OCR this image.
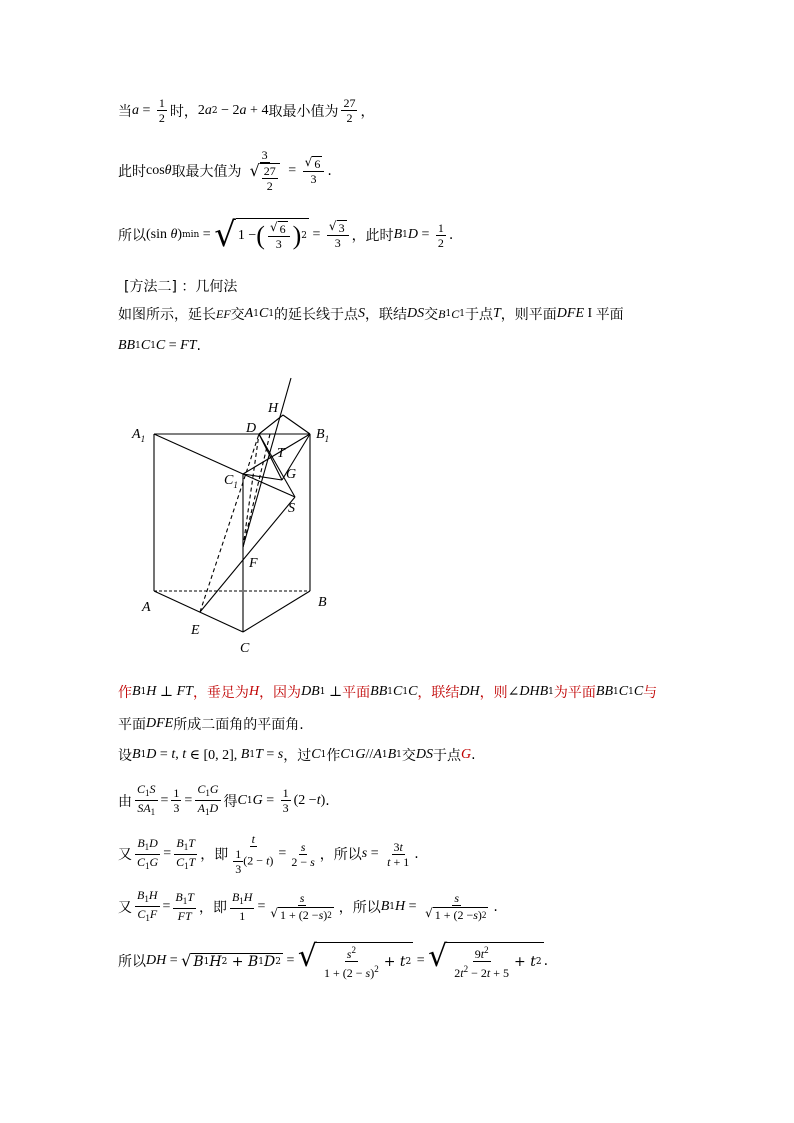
当 $a = \frac{1}{2}$ 时， 2 a 2 − 2 a + 4 取最小值为 $\frac{27}{2}$ ，
此时 cos θ 取最大值为 $\frac{3}{√ \frac{27}{2}} = \frac{√ 6}{3}$ .
所以 (sin θ ) min = √ 1 − ( $\frac{√ 6}{3}$ ) $2 = \frac{√ 3}{3}$ ，此时 B 1 $D = \frac{1}{2}$ .
[方法二] ：几何法
如图所示，延长 EF 交 A 1 C 1 的延长线于点 S ，联结 DS 交 B 1 C 1 于点 T ，则平面 DFE I 平面
BB 1 C 1 C = FT .
$A_1$	$B_1$
$C_1$
D
H
T
G
S
F
A	B
E
C
作 B 1 H ⊥ FT ，垂足为 H ，因为 DB 1 ⊥ 平面 BB 1 C 1 C ，联结 DH ，则 ∠ DHB 1 为平面 BB 1 C 1 C 与
平面 DFE 所成二面角的平面角.
设 B 1 D = t , t ∈ [0, 2], B 1 T = s ，过 C 1 作 C 1 G // A 1 B 1 交 DS 于点 G .
由 $\frac{C_1S}{SA_1} = \frac{1}{3} = \frac{C_1G}{A_1D}$ 得 C 1 $G = \frac{1}{3} (2 - t$ ) .
又 $\frac{B_1D}{C_1G} = \frac{B_1T}{C_1T}$ ，即 $\frac{t}{\frac{1}{3} (2 - t)} = \frac{s}{2 - s}$ ，所以 $s = \frac{3t}{t + 1}$ .
又 $\frac{B_1H}{C_1F} = \frac{B_1T}{FT}$ ，即 $\frac{B_1H}{1} = \frac{s}{√ 1 + (2 - s ) 2}$ ，所以 B 1 $H = \frac{s}{√ 1 + (2 - s ) 2}$ .
所以 DH = √ B 1 H 2 + B 1 D 2 = √ $\frac{s^2}{1 + (2 - s)^2} + t$ 2 = √ $\frac{9t^2}{2t^2 - 2t + 5} + t$ 2 .
